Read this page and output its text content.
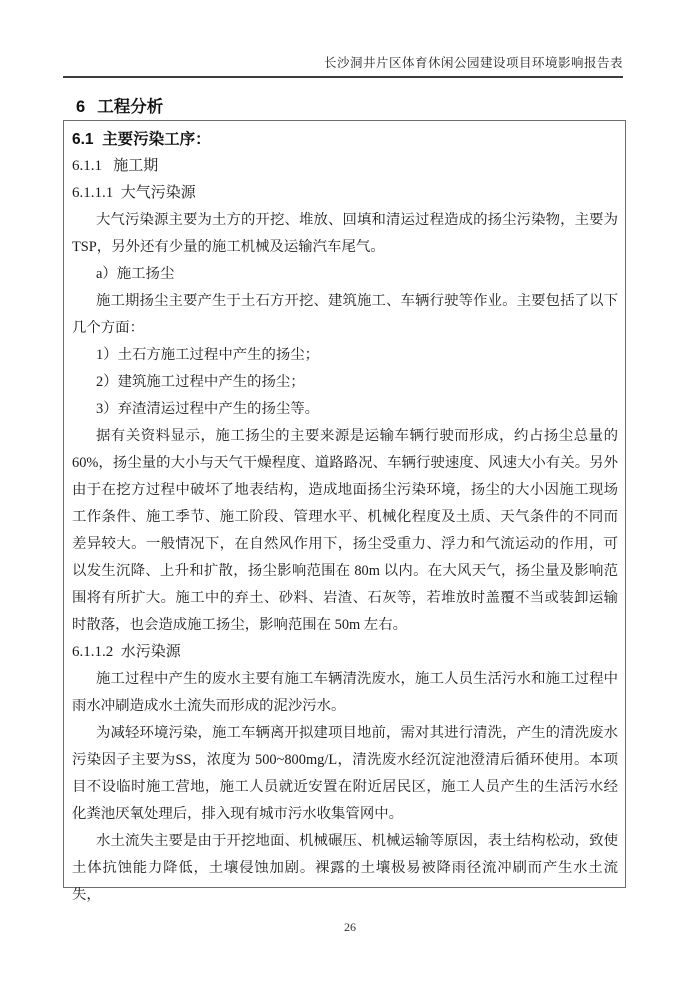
长沙洞井片区体育休闲公园建设项目环境影响报告表
6 工程分析

6.1  主要污染工序：

6.1.1   施工期

6.1.1.1  大气污染源

大气污染源主要为土方的开挖、堆放、回填和清运过程造成的扬尘污染物，主要为TSP，另外还有少量的施工机械及运输汽车尾气。

a）施工扬尘

施工期扬尘主要产生于土石方开挖、建筑施工、车辆行驶等作业。主要包括了以下几个方面：

1）土石方施工过程中产生的扬尘；

2）建筑施工过程中产生的扬尘；

3）弃渣清运过程中产生的扬尘等。

据有关资料显示，施工扬尘的主要来源是运输车辆行驶而形成，约占扬尘总量的60%，扬尘量的大小与天气干燥程度、道路路况、车辆行驶速度、风速大小有关。另外由于在挖方过程中破坏了地表结构，造成地面扬尘污染环境，扬尘的大小因施工现场工作条件、施工季节、施工阶段、管理水平、机械化程度及土质、天气条件的不同而差异较大。一般情况下，在自然风作用下，扬尘受重力、浮力和气流运动的作用，可以发生沉降、上升和扩散，扬尘影响范围在 80m 以内。在大风天气，扬尘量及影响范围将有所扩大。施工中的弃土、砂料、岩渣、石灰等，若堆放时盖覆不当或装卸运输时散落，也会造成施工扬尘，影响范围在 50m 左右。

6.1.1.2  水污染源

施工过程中产生的废水主要有施工车辆清洗废水，施工人员生活污水和施工过程中雨水冲刷造成水土流失而形成的泥沙污水。

为减轻环境污染，施工车辆离开拟建项目地前，需对其进行清洗，产生的清洗废水污染因子主要为SS，浓度为 500~800mg/L，清洗废水经沉淀池澄清后循环使用。本项目不设临时施工营地，施工人员就近安置在附近居民区，施工人员产生的生活污水经化粪池厌氧处理后，排入现有城市污水收集管网中。

水土流失主要是由于开挖地面、机械碾压、机械运输等原因，表土结构松动，致使土体抗蚀能力降低，土壤侵蚀加剧。裸露的土壤极易被降雨径流冲刷而产生水土流失，

26
